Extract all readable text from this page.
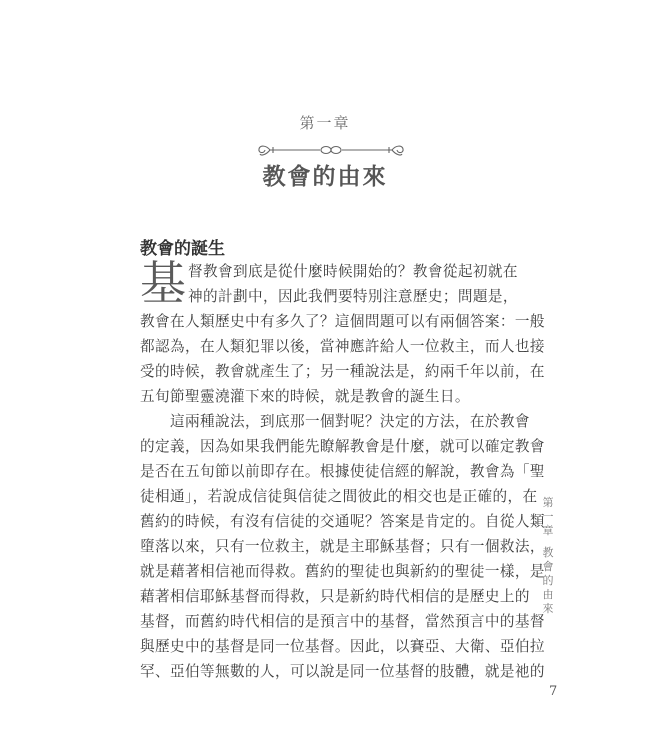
第一章
教會的由來
教會的誕生
基 督教會到底是從什麼時候開始的？教會從起初就在
神的計劃中，因此我們要特別注意歷史；問題是，
教會在人類歷史中有多久了？這個問題可以有兩個答案：一般
都認為，在人類犯罪以後，當神應許給人一位救主，而人也接
受的時候，教會就產生了；另一種說法是，約兩千年以前，在
五旬節聖靈澆灌下來的時候，就是教會的誕生日。
這兩種說法，到底那一個對呢？決定的方法，在於教會
的定義，因為如果我們能先瞭解教會是什麼，就可以確定教會
是否在五旬節以前即存在。根據使徒信經的解說，教會為「聖
徒相通」，若說成信徒與信徒之間彼此的相交也是正確的，在
舊約的時候，有沒有信徒的交通呢？答案是肯定的。自從人類
墮落以來，只有一位救主，就是主耶穌基督；只有一個救法，
就是藉著相信祂而得救。舊約的聖徒也與新約的聖徒一樣，是
藉著相信耶穌基督而得救，只是新約時代相信的是歷史上的
基督，而舊約時代相信的是預言中的基督，當然預言中的基督
與歷史中的基督是同一位基督。因此，以賽亞、大衛、亞伯拉
罕、亞伯等無數的人，可以說是同一位基督的肢體，就是祂的
第
一
章
教
會
的
由
來
7
